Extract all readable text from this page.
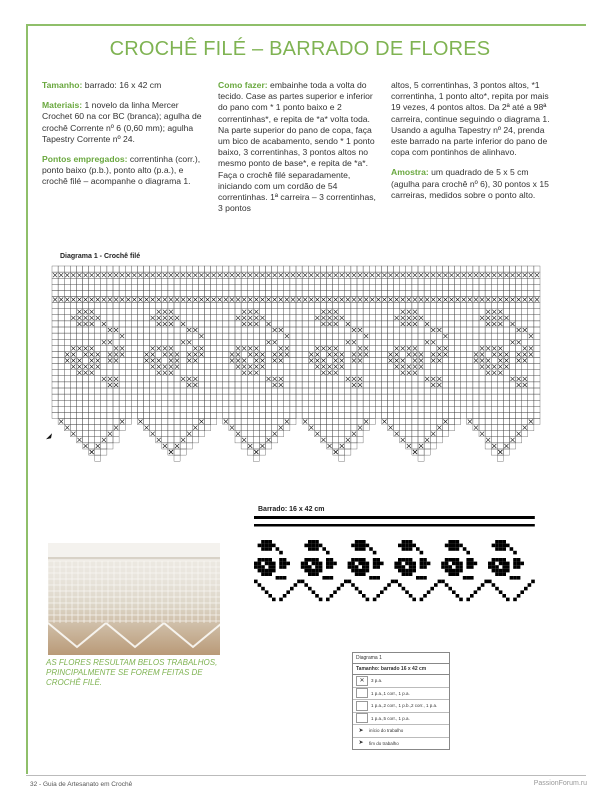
CROCHÊ FILÉ – BARRADO DE FLORES

Tamanho: barrado: 16 x 42 cm

Materiais: 1 novelo da linha Mercer Crochet 60 na cor BC (branca); agulha de crochê Corrente nº 6 (0,60 mm); agulha Tapestry Corrente nº 24.

Pontos empregados: correntinha (corr.), ponto baixo (p.b.), ponto alto (p.a.), e crochê filé – acompanhe o diagrama 1.

Como fazer: embainhe toda a volta do tecido. Case as partes superior e inferior do pano com * 1 ponto baixo e 2 correntinhas*, e repita de *a* volta toda. Na parte superior do pano de copa, faça um bico de acabamento, sendo * 1 ponto baixo, 3 correntinhas, 3 pontos altos no mesmo ponto de base*, e repita de *a*. Faça o crochê filé separadamente, iniciando com um cordão de 54 correntinhas. 1ª carreira – 3 correntinhas, 3 pontos

altos, 5 correntinhas, 3 pontos altos, *1 correntinha, 1 ponto alto*, repita por mais 19 vezes, 4 pontos altos. Da 2ª até a 98ª carreira, continue seguindo o diagrama 1. Usando a agulha Tapestry nº 24, prenda este barrado na parte inferior do pano de copa com pontinhos de alinhavo.

Amostra: um quadrado de 5 x 5 cm (agulha para crochê nº 6), 30 pontos x 15 carreiras, medidos sobre o ponto alto.

Diagrama 1 - Crochê filé
Barrado: 16 x 42 cm
AS FLORES RESULTAM BELOS TRABALHOS, PRINCIPALMENTE SE FOREM FEITAS DE CROCHÊ FILÉ.
Diagrama 1
Tamanho: barrado 16 x 42 cm
✕	3 p.a.
1 p.a.,1 corr., 1 p.a.
1 p.a.,2 corr., 1 p.b.,2 corr., 1 p.a.
1 p.a.,5 corr., 1 p.a.
➤	início do trabalho
➤	fim do trabalho
32 - Guia de Artesanato em Crochê	PassionForum.ru
